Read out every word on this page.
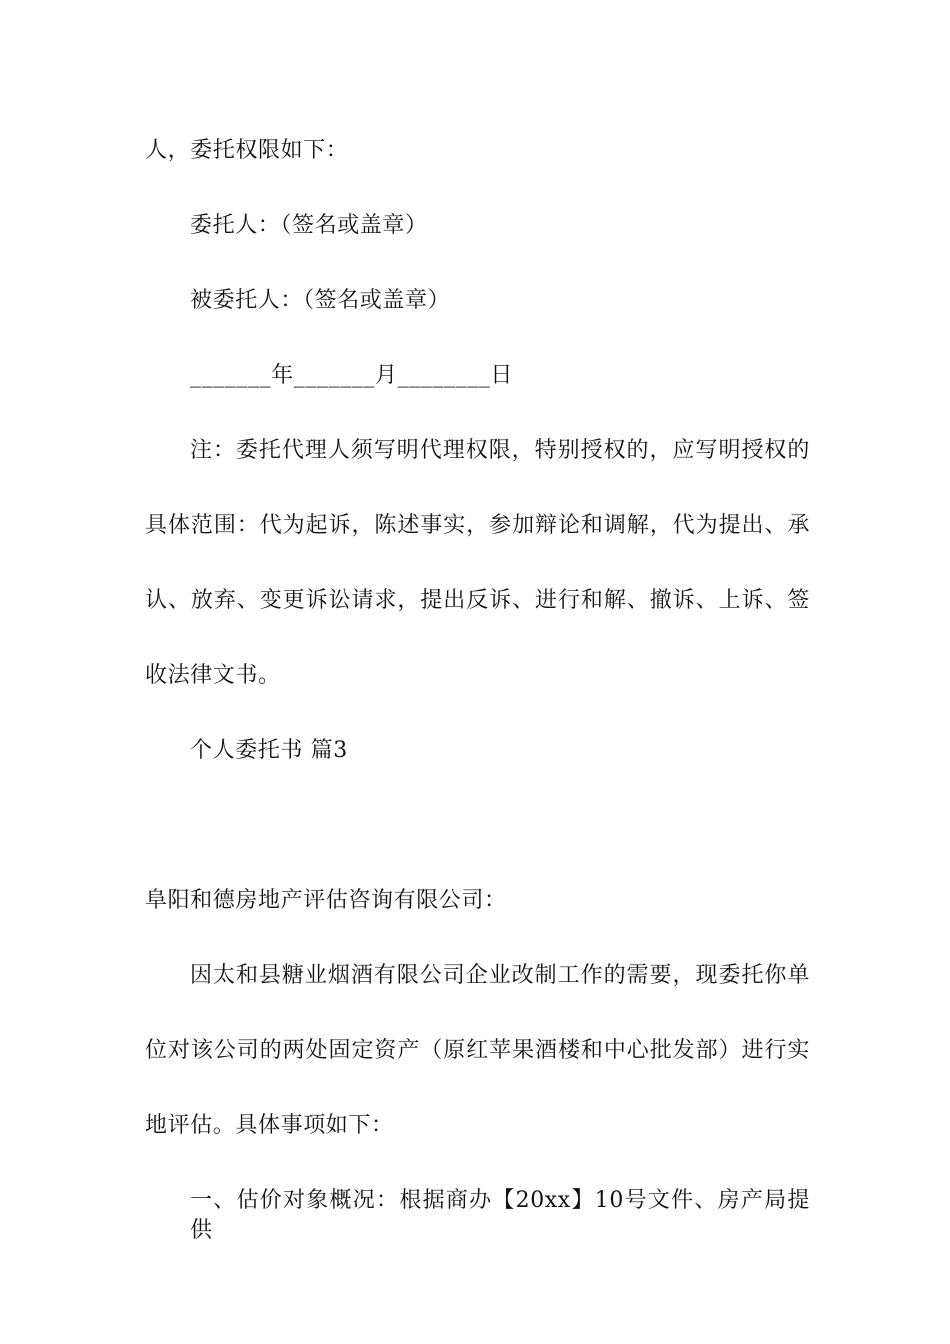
人，委托权限如下：
委托人：（签名或盖章）
被委托人：（签名或盖章）
_______年_______月________日
注：委托代理人须写明代理权限，特别授权的，应写明授权的
具体范围：代为起诉，陈述事实，参加辩论和调解，代为提出、承
认、放弃、变更诉讼请求，提出反诉、进行和解、撤诉、上诉、签
收法律文书。
个人委托书 篇3
阜阳和德房地产评估咨询有限公司：
因太和县糖业烟酒有限公司企业改制工作的需要，现委托你单
位对该公司的两处固定资产（原红苹果酒楼和中心批发部）进行实
地评估。具体事项如下：
一、估价对象概况：根据商办【20xx】10号文件、房产局提供
